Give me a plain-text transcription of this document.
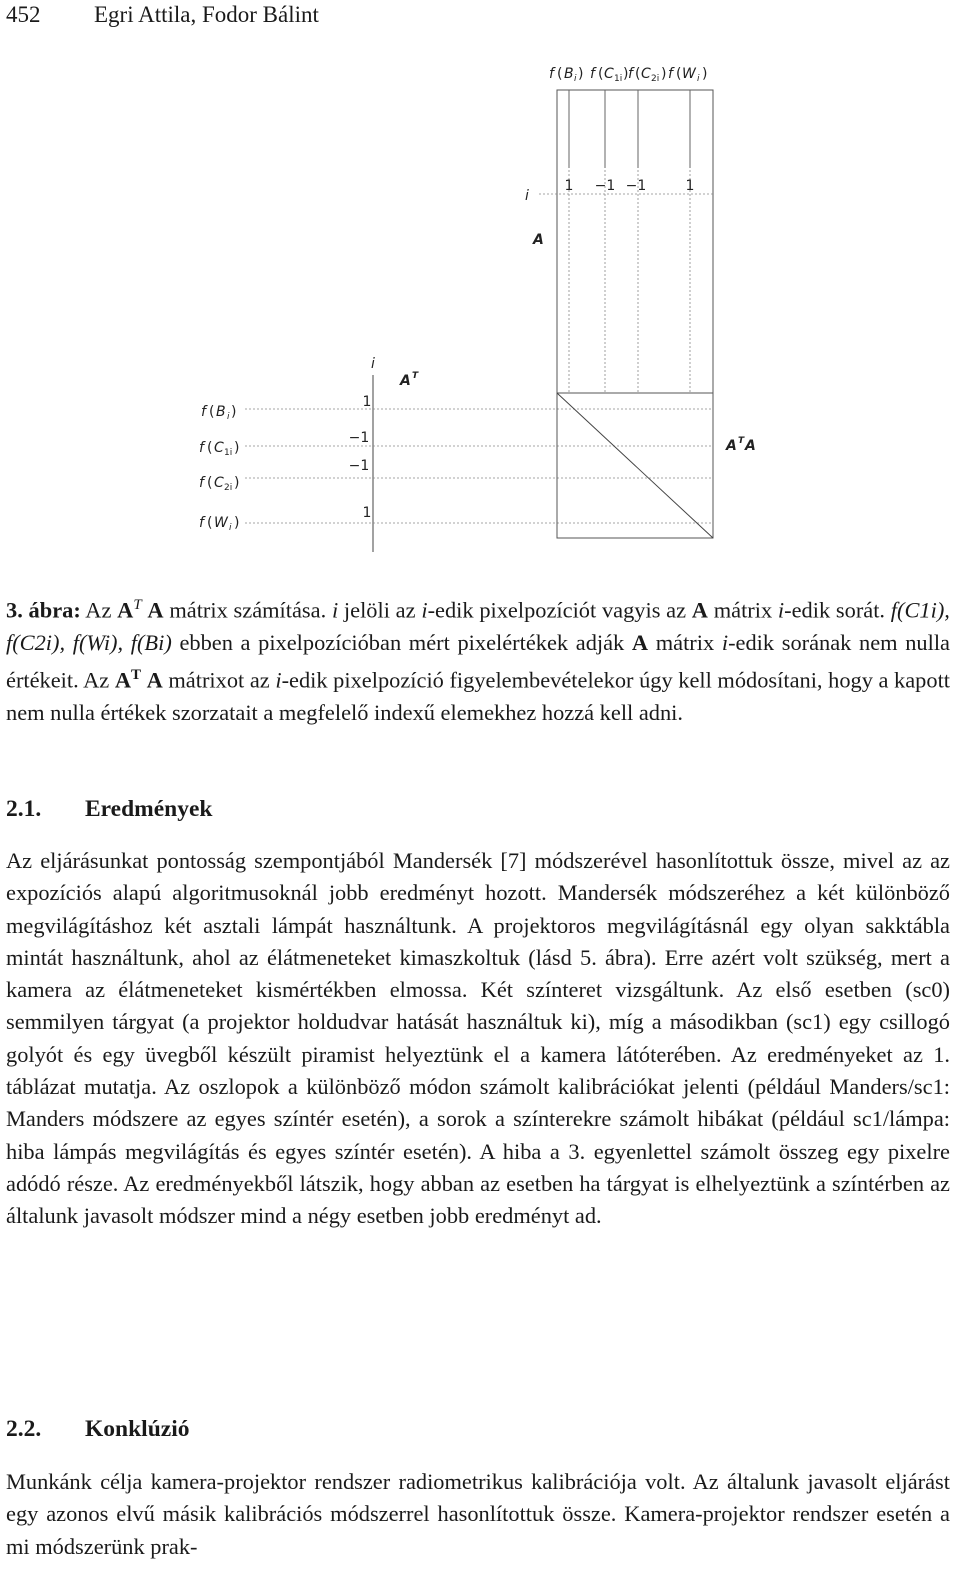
452 Egri Attila, Fodor Bálint
f ( B i ) f ( C 1i ) f ( C 2i ) f ( W i )
i
1 −1 −1	1
A
i
A T
1
−1
−1
1
f ( B i )
f ( C 1i )
f ( C 2i )
f ( W i )
A T A

3. ábra: Az $A^T$ A mátrix számítása. i jelöli az i-edik pixelpozíciót vagyis az A mátrix i-edik sorát. f(C1i), f(C2i), f(Wi), f(Bi) ebben a pixelpozícióban mért pixelértékek adják A mátrix i-edik sorának nem nulla értékeit. Az $A^T$ A mátrixot az i-edik pixelpozíció figyelembevételekor úgy kell módosítani, hogy a kapott nem nulla értékek szorzatait a megfelelő indexű elemekhez hozzá kell adni.

2.1. Eredmények

Az eljárásunkat pontosság szempontjából Mandersék [7] módszerével hasonlítottuk össze, mivel az az expozíciós alapú algoritmusoknál jobb eredményt hozott. Mandersék módszeréhez a két különböző megvilágításhoz két asztali lámpát használtunk. A projektoros megvilágításnál egy olyan sakktábla mintát használtunk, ahol az élátmeneteket kimaszkoltuk (lásd 5. ábra). Erre azért volt szükség, mert a kamera az élátmeneteket kismértékben elmossa. Két színteret vizsgáltunk. Az első esetben (sc0) semmilyen tárgyat (a projektor holdudvar hatását használtuk ki), míg a másodikban (sc1) egy csillogó golyót és egy üvegből készült piramist helyeztünk el a kamera látóterében. Az eredményeket az 1. táblázat mutatja. Az oszlopok a különböző módon számolt kalibrációkat jelenti (például Manders/sc1: Manders módszere az egyes színtér esetén), a sorok a színterekre számolt hibákat (például sc1/lámpa: hiba lámpás megvilágítás és egyes színtér esetén). A hiba a 3. egyenlettel számolt összeg egy pixelre adódó része. Az eredményekből látszik, hogy abban az esetben ha tárgyat is elhelyeztünk a színtérben az általunk javasolt módszer mind a négy esetben jobb eredményt ad.

2.2. Konklúzió

Munkánk célja kamera-projektor rendszer radiometrikus kalibrációja volt. Az általunk javasolt eljárást egy azonos elvű másik kalibrációs módszerrel hasonlítottuk össze. Kamera-projektor rendszer esetén a mi módszerünk prak-
